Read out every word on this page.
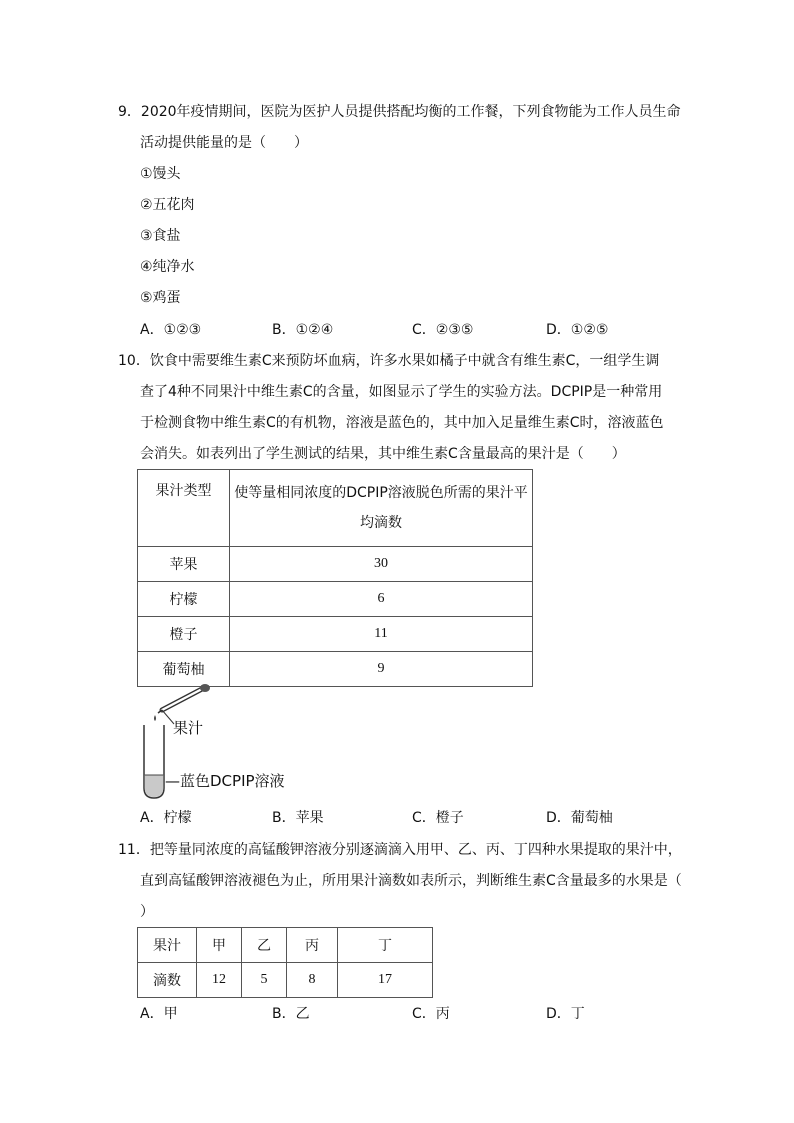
9．2020年疫情期间，医院为医护人员提供搭配均衡的工作餐，下列食物能为工作人员生命
活动提供能量的是（　　）
①馒头
②五花肉
③食盐
④纯净水
⑤鸡蛋
A．①②③	B．①②④	C．②③⑤	D．①②⑤
10．饮食中需要维生素C来预防坏血病，许多水果如橘子中就含有维生素C，一组学生调
查了4种不同果汁中维生素C的含量，如图显示了学生的实验方法。DCPIP是一种常用
于检测食物中维生素C的有机物，溶液是蓝色的，其中加入足量维生素C时，溶液蓝色
会消失。如表列出了学生测试的结果，其中维生素C含量最高的果汁是（　　）
果汁类型	使等量相同浓度的DCPIP溶液脱色所需的果汁平
均滴数

苹果	30
柠檬	6
橙子	11
葡萄柚	9
果汁
—蓝色DCPIP溶液
A．柠檬	B．苹果	C．橙子	D．葡萄柚
11．把等量同浓度的高锰酸钾溶液分别逐滴滴入用甲、乙、丙、丁四种水果提取的果汁中，
直到高锰酸钾溶液褪色为止，所用果汁滴数如表所示，判断维生素C含量最多的水果是（
）
果汁	甲	乙	丙	丁
滴数	12	5	8	17
A．甲	B．乙	C．丙	D．丁
